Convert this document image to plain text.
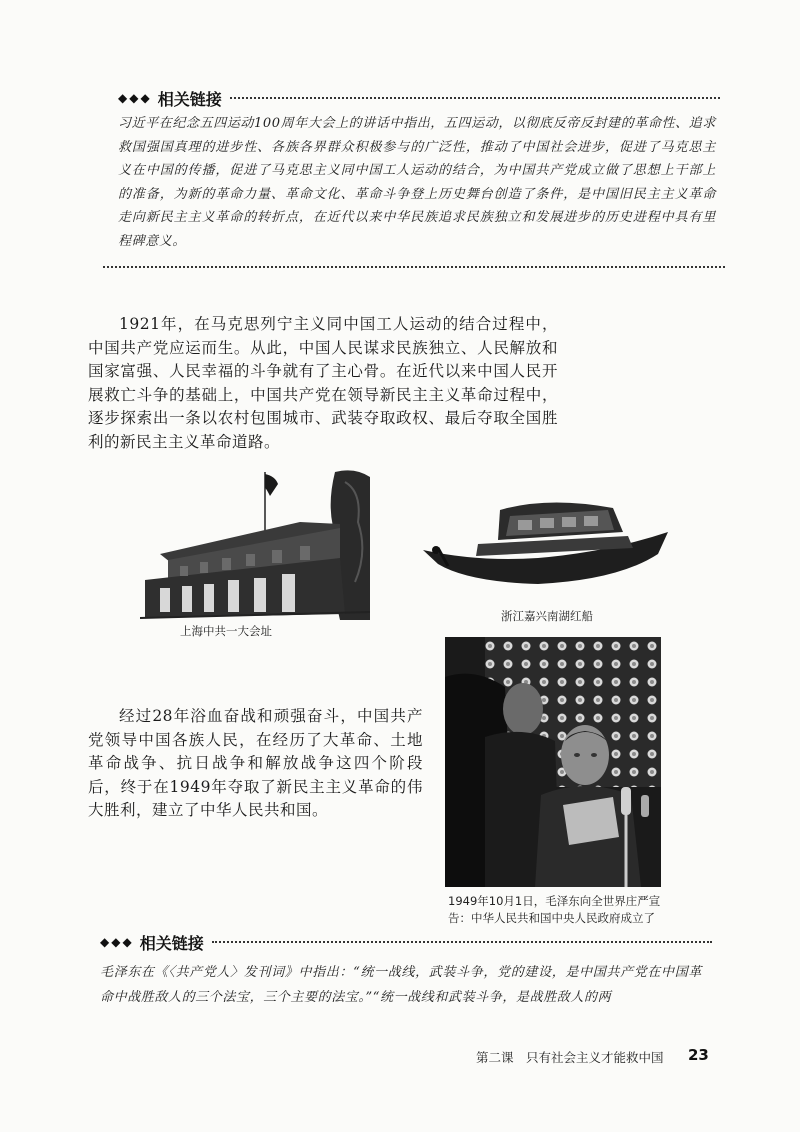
◆◆◆ 相关链接
习近平在纪念五四运动100周年大会上的讲话中指出，五四运动，以彻底反帝反封建的革命性、追求救国强国真理的进步性、各族各界群众积极参与的广泛性，推动了中国社会进步，促进了马克思主义在中国的传播，促进了马克思主义同中国工人运动的结合，为中国共产党成立做了思想上干部上的准备，为新的革命力量、革命文化、革命斗争登上历史舞台创造了条件，是中国旧民主主义革命走向新民主主义革命的转折点，在近代以来中华民族追求民族独立和发展进步的历史进程中具有里程碑意义。
1921年，在马克思列宁主义同中国工人运动的结合过程中，中国共产党应运而生。从此，中国人民谋求民族独立、人民解放和国家富强、人民幸福的斗争就有了主心骨。在近代以来中国人民开展救亡斗争的基础上，中国共产党在领导新民主主义革命过程中，逐步探索出一条以农村包围城市、武装夺取政权、最后夺取全国胜利的新民主主义革命道路。
上海中共一大会址
浙江嘉兴南湖红船
1949年10月1日，毛泽东向全世界庄严宣
告：中华人民共和国中央人民政府成立了
经过28年浴血奋战和顽强奋斗，中国共产党领导中国各族人民，在经历了大革命、土地革命战争、抗日战争和解放战争这四个阶段后，终于在1949年夺取了新民主主义革命的伟大胜利，建立了中华人民共和国。
◆◆◆ 相关链接
毛泽东在《〈共产党人〉发刊词》中指出：“统一战线，武装斗争，党的建设，是中国共产党在中国革命中战胜敌人的三个法宝，三个主要的法宝。”“统一战线和武装斗争，是战胜敌人的两
第二课　只有社会主义才能救中国 23
